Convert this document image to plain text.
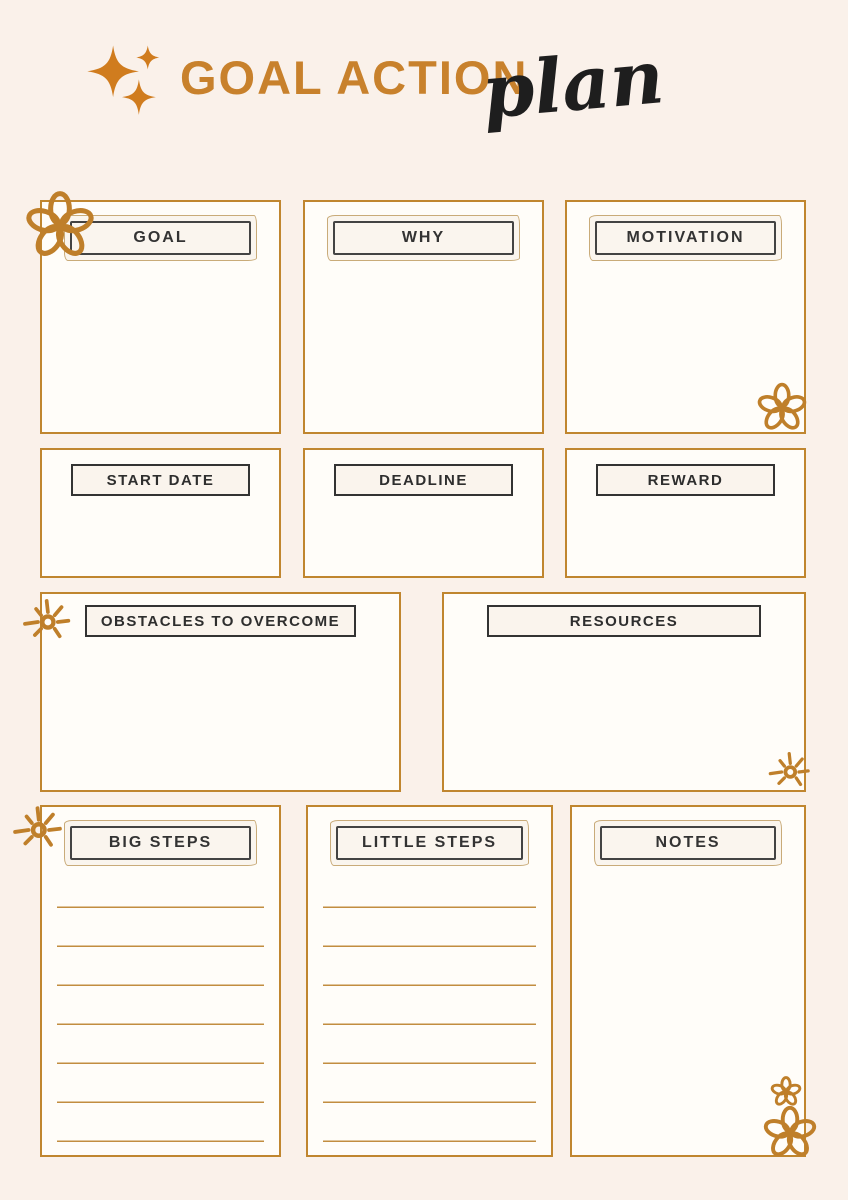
GOAL ACTION
plan
GOAL	WHY	MOTIVATION
START DATE	DEADLINE	REWARD
OBSTACLES TO OVERCOME	RESOURCES
BIG STEPS	LITTLE STEPS	NOTES
